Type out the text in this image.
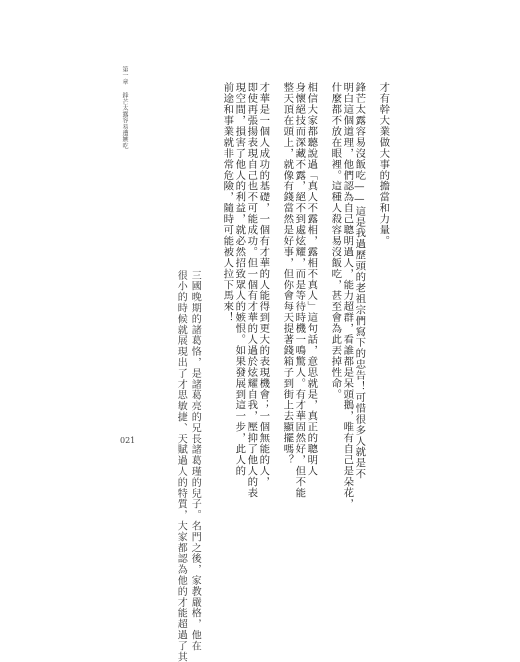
第一章 鋒芒太露容易遭嫉吃	才有幹大業做大事的擔當和力量。
鋒芒太露容易沒飯吃——這是我過歷頭的老祖宗們寫下的忠告！可惜很多人就是不
明白這個道理，他們認為自己聰明過人，能力超群，看誰都是呆頭鵝，唯有自己是朵花，
什麼都不放在眼裡。這種人殺容易沒飯吃，甚至會為此丟掉性命。
相信大家都聽說過「真人不露相，露相不真人」這句話，意思就是，真正的聰明人
身懷絕技而深藏不露，絕不到處炫耀，而是等待時機一鳴驚人。有才華固然好，但不能
整天頂在頭上，就像有錢當然是好事，但你會每天提著錢箱子到街上去顯擺嗎？
才華是一個人成功的基礎，一個有才華的人能得到更大的表現機會；一個無能的人，
即使再張揚表現自己也不可能成功。但一個有才華的人過於炫耀自我，壓抑了他人的表
現空間，損害了他人的利益，就必然招致眾人的嫉恨。如果發展到這一步，此人的
前途和事業就非常危險，隨時可能被人拉下馬來！
三國晚期的諸葛恪，是諸葛亮的兄長諸葛瑾的兒子。名門之後，家教嚴格，他在
很小的時候就展現出了才思敏捷、天賦過人的特質，大家都認為他的才能超過了其
021
